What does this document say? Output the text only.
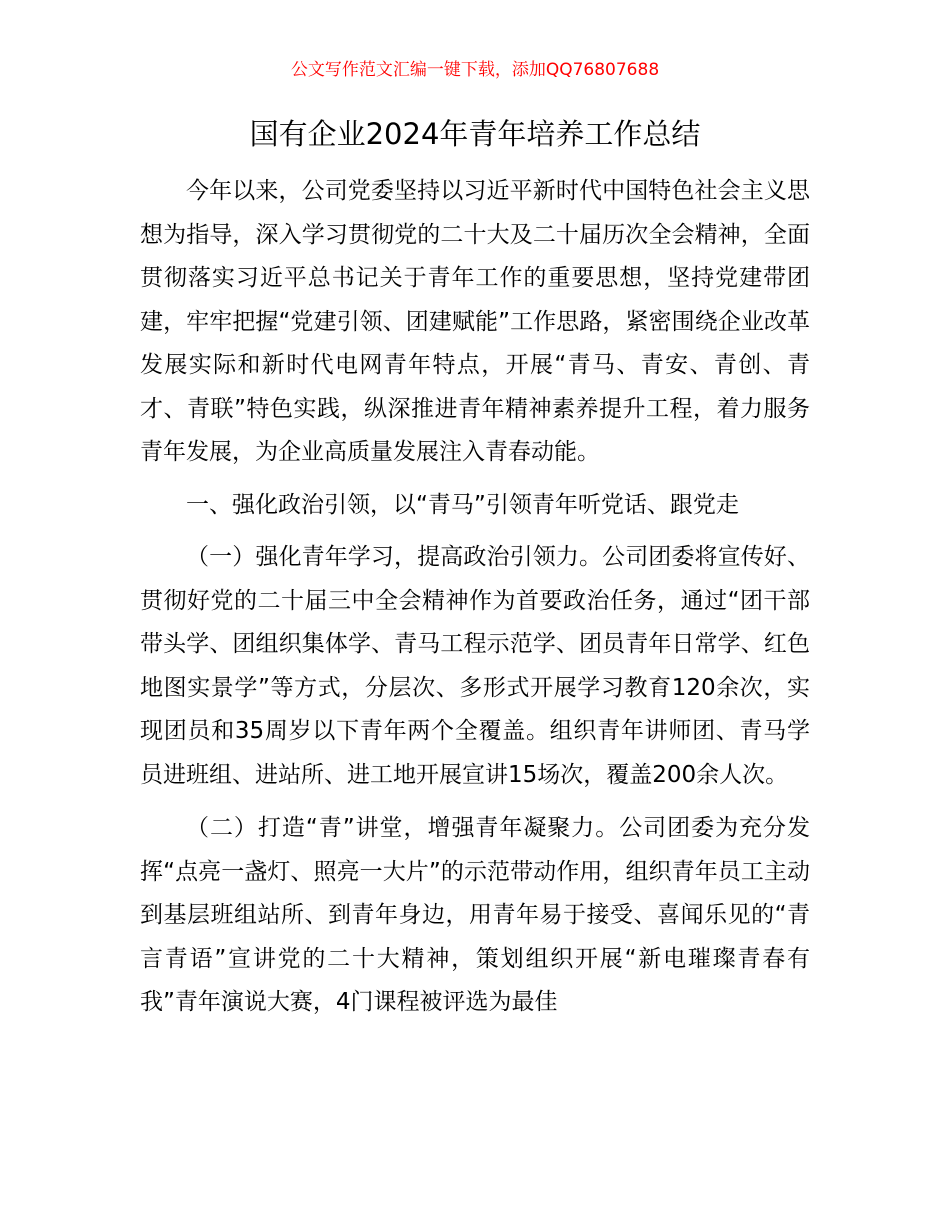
公文写作范文汇编一键下载，添加QQ76807688
国有企业2024年青年培养工作总结

今年以来，公司党委坚持以习近平新时代中国特色社会主义思想为指导，深入学习贯彻党的二十大及二十届历次全会精神，全面贯彻落实习近平总书记关于青年工作的重要思想，坚持党建带团建，牢牢把握“党建引领、团建赋能”工作思路，紧密围绕企业改革发展实际和新时代电网青年特点，开展“青马、青安、青创、青才、青联”特色实践，纵深推进青年精神素养提升工程，着力服务青年发展，为企业高质量发展注入青春动能。

一、强化政治引领，以“青马”引领青年听党话、跟党走

（一）强化青年学习，提高政治引领力。公司团委将宣传好、贯彻好党的二十届三中全会精神作为首要政治任务，通过“团干部带头学、团组织集体学、青马工程示范学、团员青年日常学、红色地图实景学”等方式，分层次、多形式开展学习教育120余次，实现团员和35周岁以下青年两个全覆盖。组织青年讲师团、青马学员进班组、进站所、进工地开展宣讲15场次，覆盖200余人次。

（二）打造“青”讲堂，增强青年凝聚力。公司团委为充分发挥“点亮一盏灯、照亮一大片”的示范带动作用，组织青年员工主动到基层班组站所、到青年身边，用青年易于接受、喜闻乐见的“青言青语”宣讲党的二十大精神，策划组织开展“新电璀璨青春有我”青年演说大赛，4门课程被评选为最佳
